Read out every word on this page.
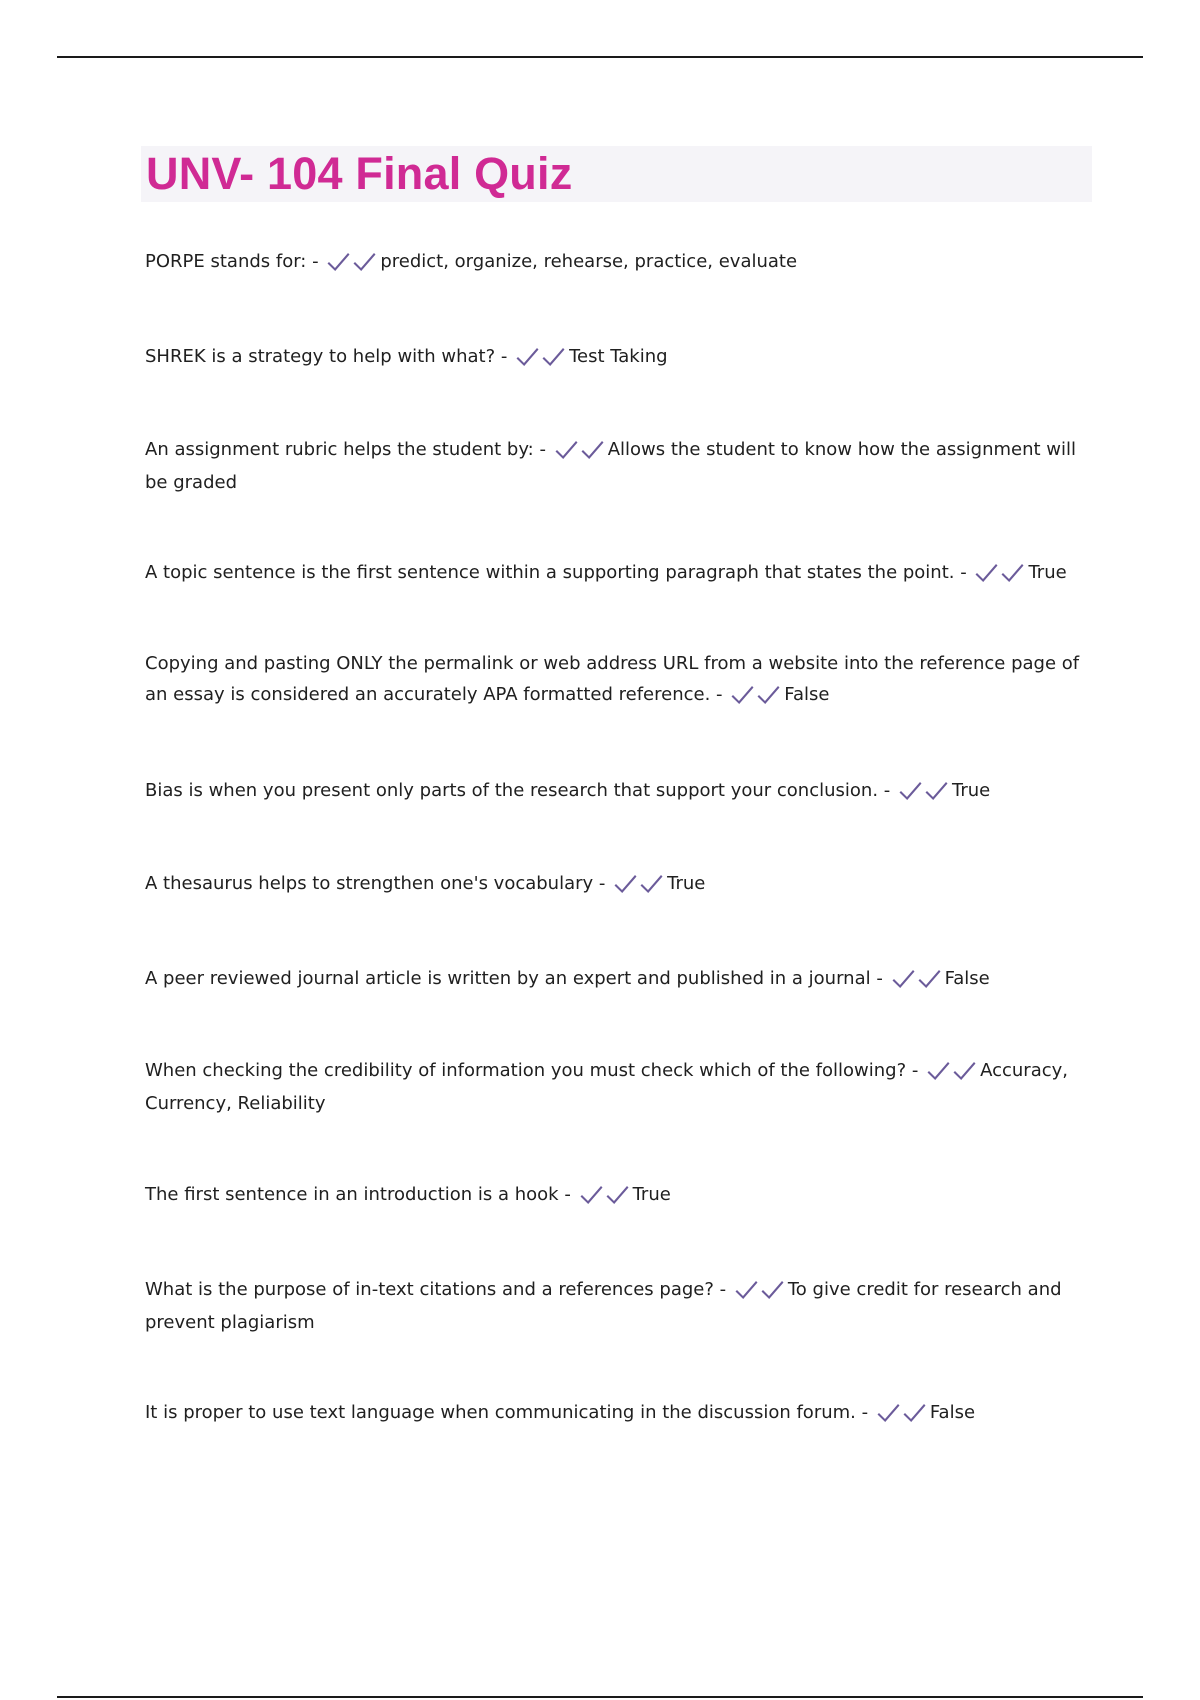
UNV- 104 Final Quiz

PORPE stands for: -	predict, organize, rehearse, practice, evaluate

SHREK is a strategy to help with what? -	Test Taking

An assignment rubric helps the student by: -	Allows the student to know how the assignment will be graded

A topic sentence is the first sentence within a supporting paragraph that states the point. -	True

Copying and pasting ONLY the permalink or web address URL from a website into the reference page of an essay is considered an accurately APA formatted reference. -	False

Bias is when you present only parts of the research that support your conclusion. -	True

A thesaurus helps to strengthen one's vocabulary -	True

A peer reviewed journal article is written by an expert and published in a journal -	False

When checking the credibility of information you must check which of the following? -	Accuracy, Currency, Reliability

The first sentence in an introduction is a hook -	True

What is the purpose of in-text citations and a references page? -	To give credit for research and prevent plagiarism

It is proper to use text language when communicating in the discussion forum. -	False
